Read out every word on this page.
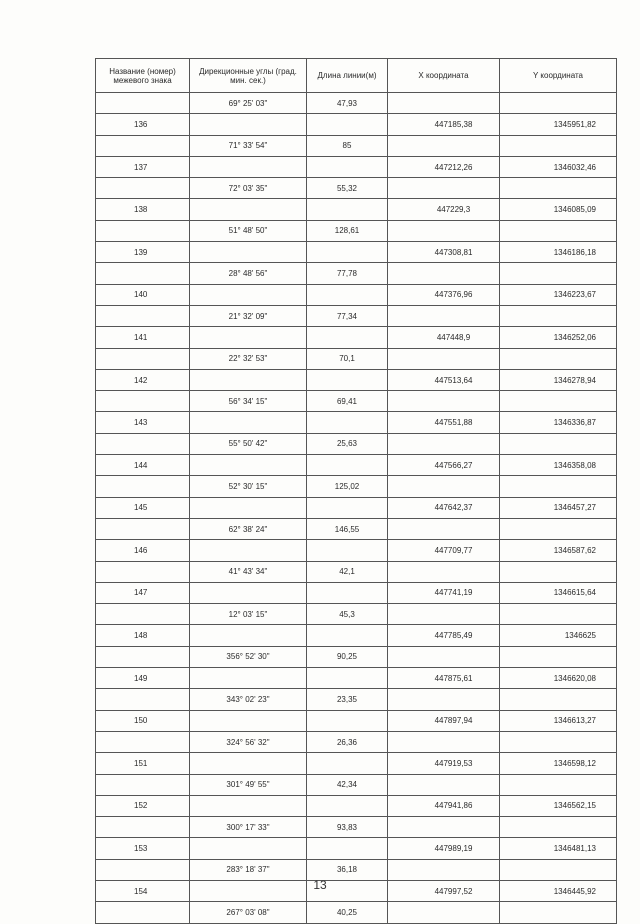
Название (номер) межевого знака	Дирекционные углы (град. мин. сек.)	Длина линии(м)	X координата	Y координата
	69° 25' 03"	47,93		
136			447185,38	1345951,82
	71° 33' 54"	85		
137			447212,26	1346032,46
	72° 03' 35"	55,32		
138			447229,3	1346085,09
	51° 48' 50"	128,61		
139			447308,81	1346186,18
	28° 48' 56"	77,78		
140			447376,96	1346223,67
	21° 32' 09"	77,34		
141			447448,9	1346252,06
	22° 32' 53"	70,1		
142			447513,64	1346278,94
	56° 34' 15"	69,41		
143			447551,88	1346336,87
	55° 50' 42"	25,63		
144			447566,27	1346358,08
	52° 30' 15"	125,02		
145			447642,37	1346457,27
	62° 38' 24"	146,55		
146			447709,77	1346587,62
	41° 43' 34"	42,1		
147			447741,19	1346615,64
	12° 03' 15"	45,3		
148			447785,49	1346625
	356° 52' 30"	90,25		
149			447875,61	1346620,08
	343° 02' 23"	23,35		
150			447897,94	1346613,27
	324° 56' 32"	26,36		
151			447919,53	1346598,12
	301° 49' 55"	42,34		
152			447941,86	1346562,15
	300° 17' 33"	93,83		
153			447989,19	1346481,13
	283° 18' 37"	36,18		
154			447997,52	1346445,92
	267° 03' 08"	40,25		
13
